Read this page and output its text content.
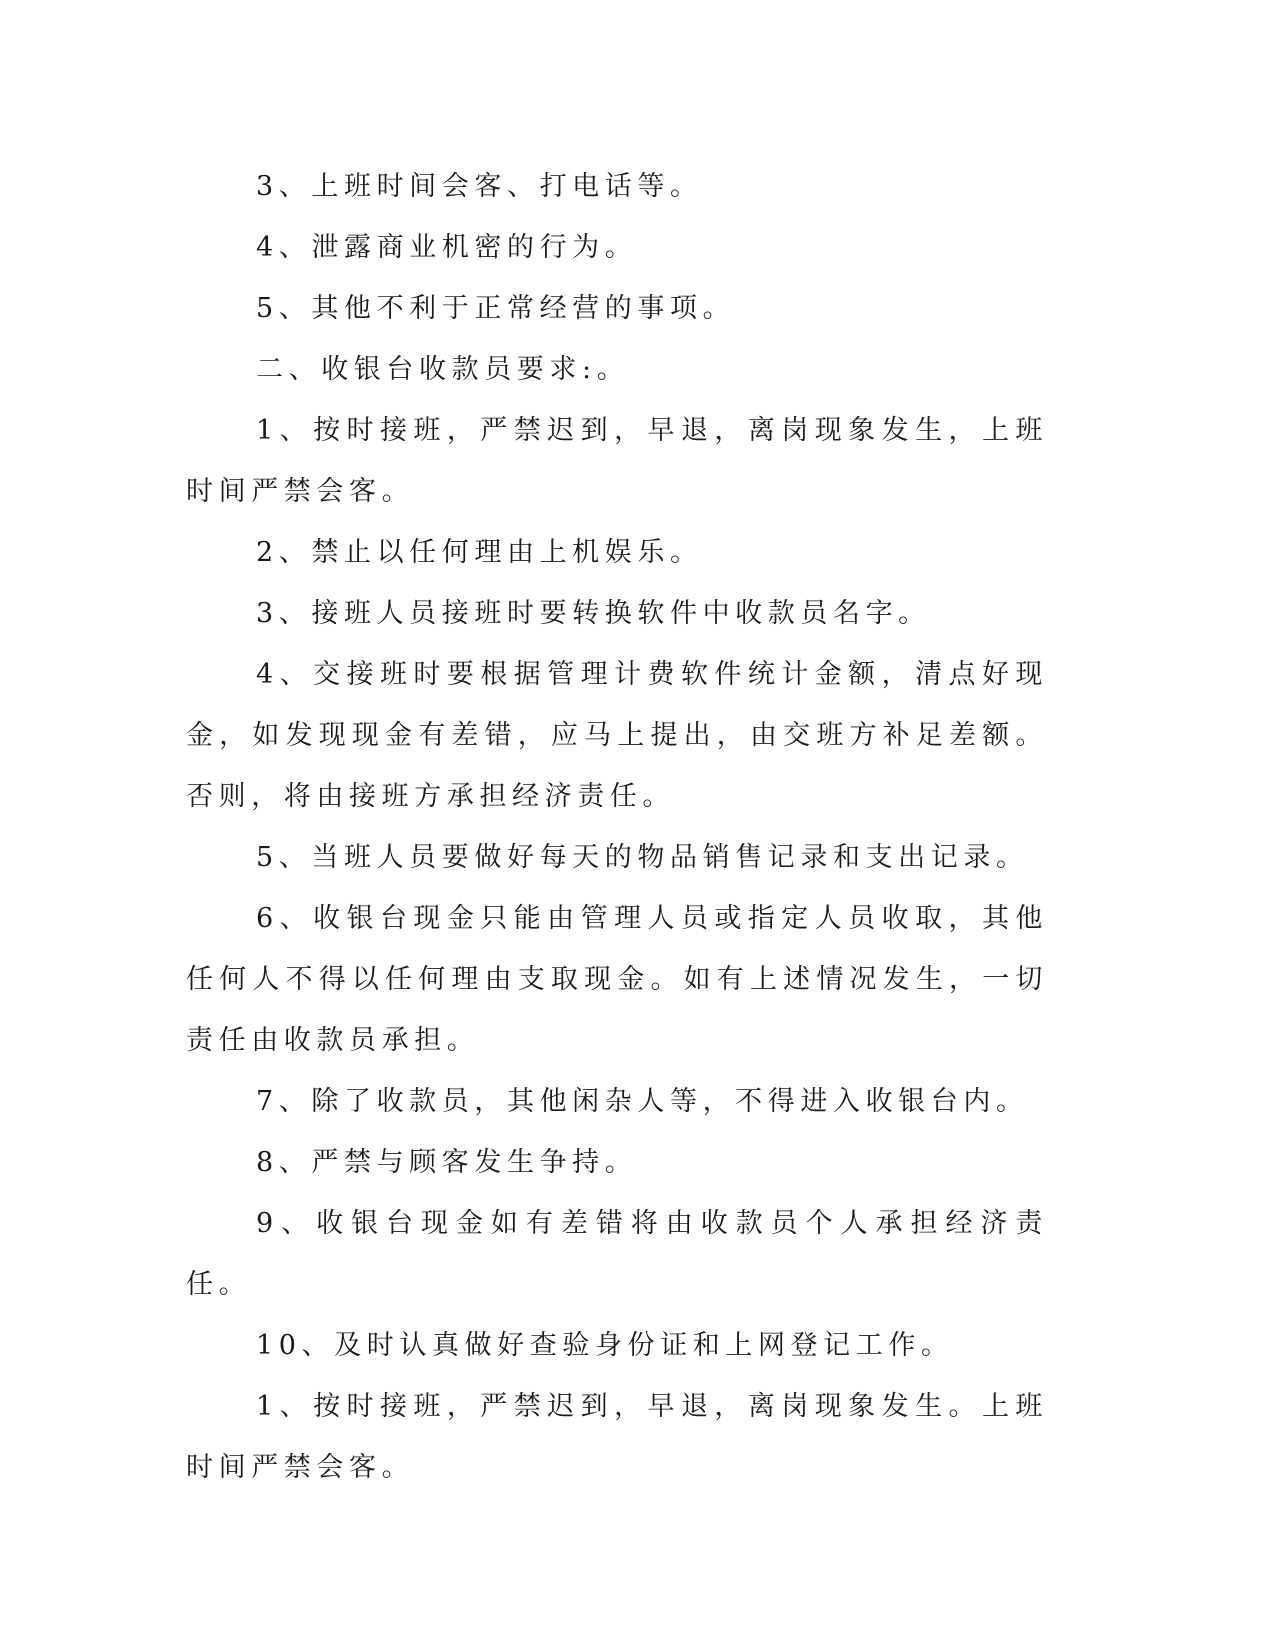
3、上班时间会客、打电话等。

4、泄露商业机密的行为。

5、其他不利于正常经营的事项。

二、收银台收款员要求:。

1、按时接班，严禁迟到，早退，离岗现象发生，上班时间严禁会客。

2、禁止以任何理由上机娱乐。

3、接班人员接班时要转换软件中收款员名字。

4、交接班时要根据管理计费软件统计金额，清点好现金，如发现现金有差错，应马上提出，由交班方补足差额。否则，将由接班方承担经济责任。

5、当班人员要做好每天的物品销售记录和支出记录。

6、收银台现金只能由管理人员或指定人员收取，其他任何人不得以任何理由支取现金。如有上述情况发生，一切责任由收款员承担。

7、除了收款员，其他闲杂人等，不得进入收银台内。

8、严禁与顾客发生争持。

9、收银台现金如有差错将由收款员个人承担经济责任。

10、及时认真做好查验身份证和上网登记工作。

1、按时接班，严禁迟到，早退，离岗现象发生。上班时间严禁会客。
